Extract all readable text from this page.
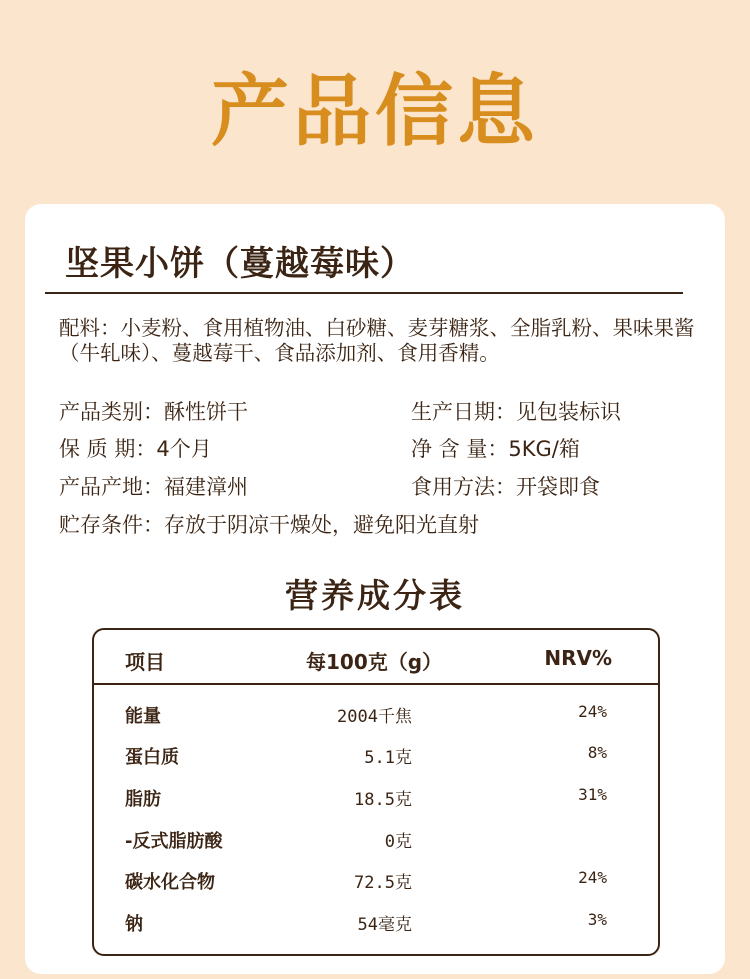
产品信息
坚果小饼（蔓越莓味）
配料：小麦粉、食用植物油、白砂糖、麦芽糖浆、全脂乳粉、果味果酱（牛轧味）、蔓越莓干、食品添加剂、食用香精。
产品类别：酥性饼干	生产日期：见包装标识
保 质 期：4个月	净 含 量：5KG/箱
产品产地：福建漳州	食用方法：开袋即食
贮存条件：存放于阴凉干燥处，避免阳光直射
营养成分表
项目	每100克（g）	NRV%
能量	2004千焦	24%
蛋白质	5.1克	8%
脂肪	18.5克	31%
-反式脂肪酸	0克
碳水化合物	72.5克	24%
钠	54毫克	3%
